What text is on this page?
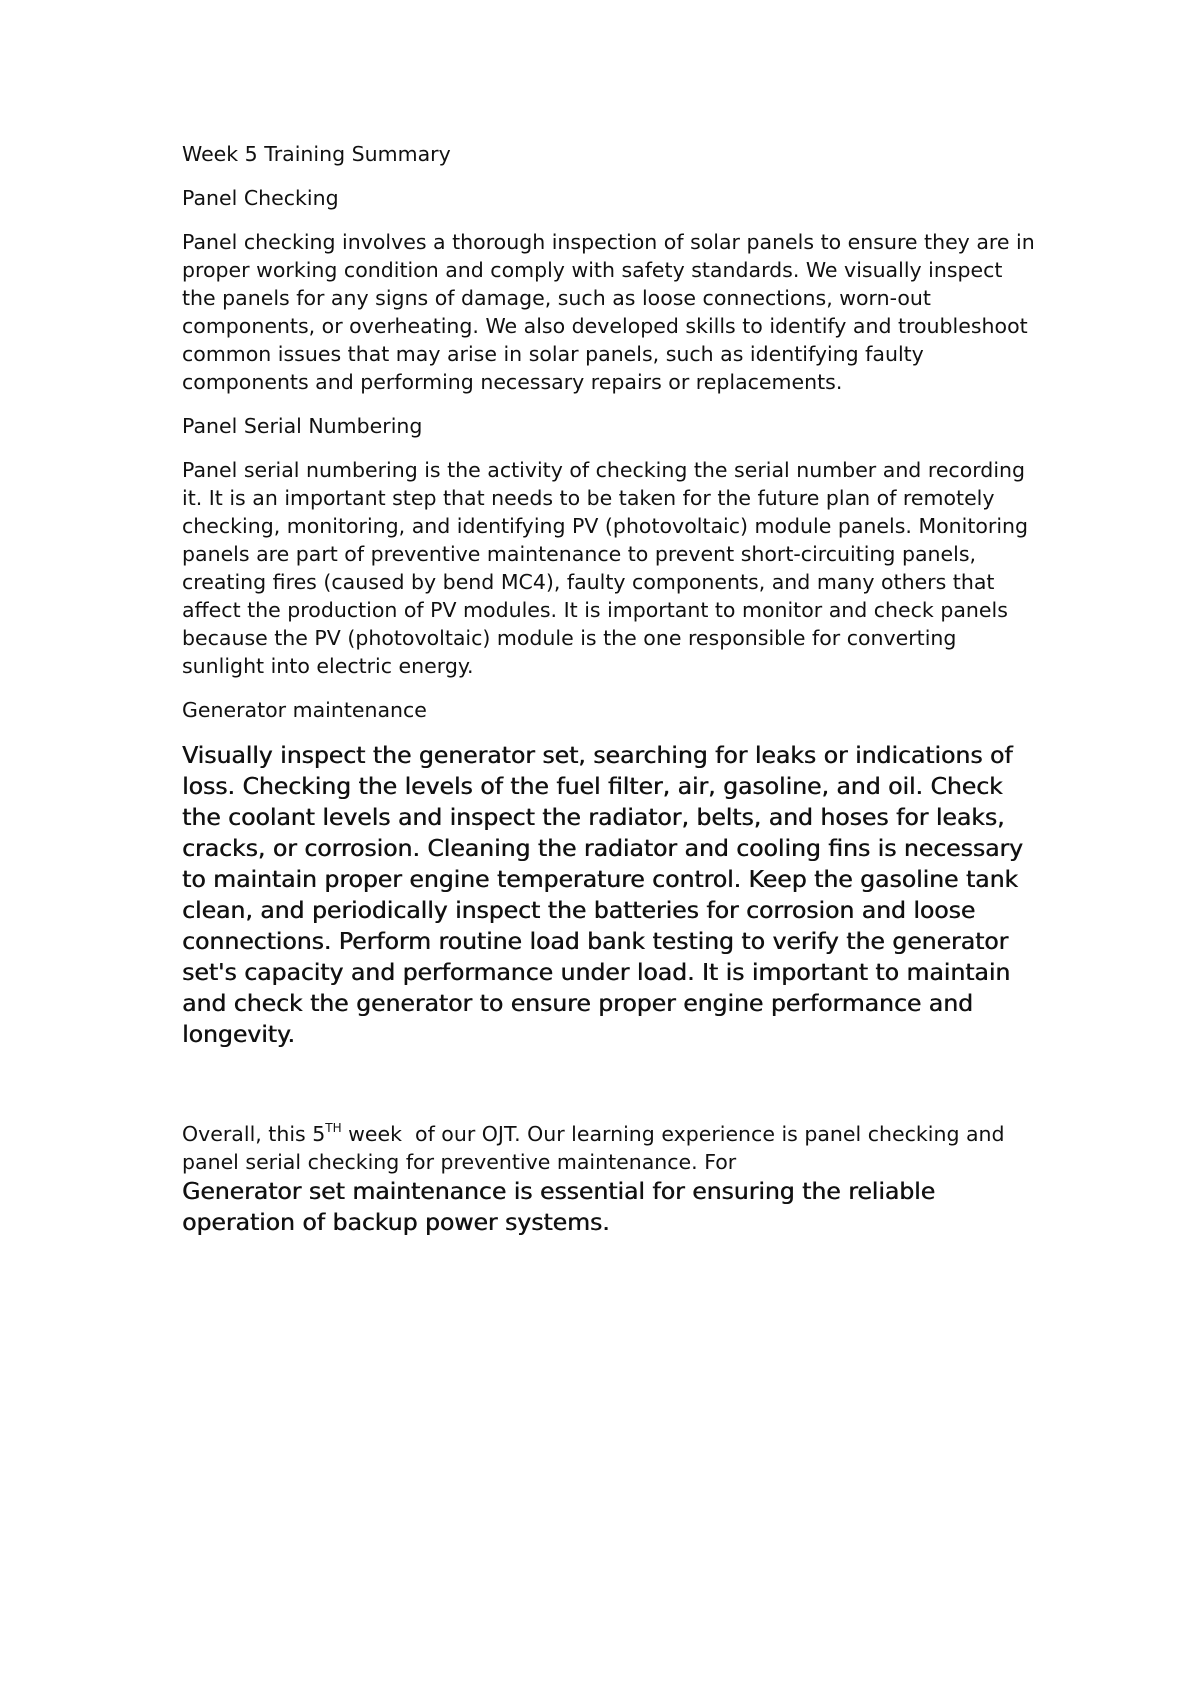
Week 5 Training Summary

Panel Checking

Panel checking involves a thorough inspection of solar panels to ensure they are in proper working condition and comply with safety standards. We visually inspect the panels for any signs of damage, such as loose connections, worn-out components, or overheating. We also developed skills to identify and troubleshoot common issues that may arise in solar panels, such as identifying faulty components and performing necessary repairs or replacements.

Panel Serial Numbering

Panel serial numbering is the activity of checking the serial number and recording it. It is an important step that needs to be taken for the future plan of remotely checking, monitoring, and identifying PV (photovoltaic) module panels. Monitoring panels are part of preventive maintenance to prevent short-circuiting panels, creating fires (caused by bend MC4), faulty components, and many others that affect the production of PV modules. It is important to monitor and check panels because the PV (photovoltaic) module is the one responsible for converting sunlight into electric energy.

Generator maintenance

Visually inspect the generator set, searching for leaks or indications of loss. Checking the levels of the fuel filter, air, gasoline, and oil. Check the coolant levels and inspect the radiator, belts, and hoses for leaks, cracks, or corrosion. Cleaning the radiator and cooling fins is necessary to maintain proper engine temperature control. Keep the gasoline tank clean, and periodically inspect the batteries for corrosion and loose connections. Perform routine load bank testing to verify the generator set's capacity and performance under load. It is important to maintain and check the generator to ensure proper engine performance and longevity.

Overall, this 5TH week  of our OJT. Our learning experience is panel checking and panel serial checking for preventive maintenance. For

Generator set maintenance is essential for ensuring the reliable operation of backup power systems.
